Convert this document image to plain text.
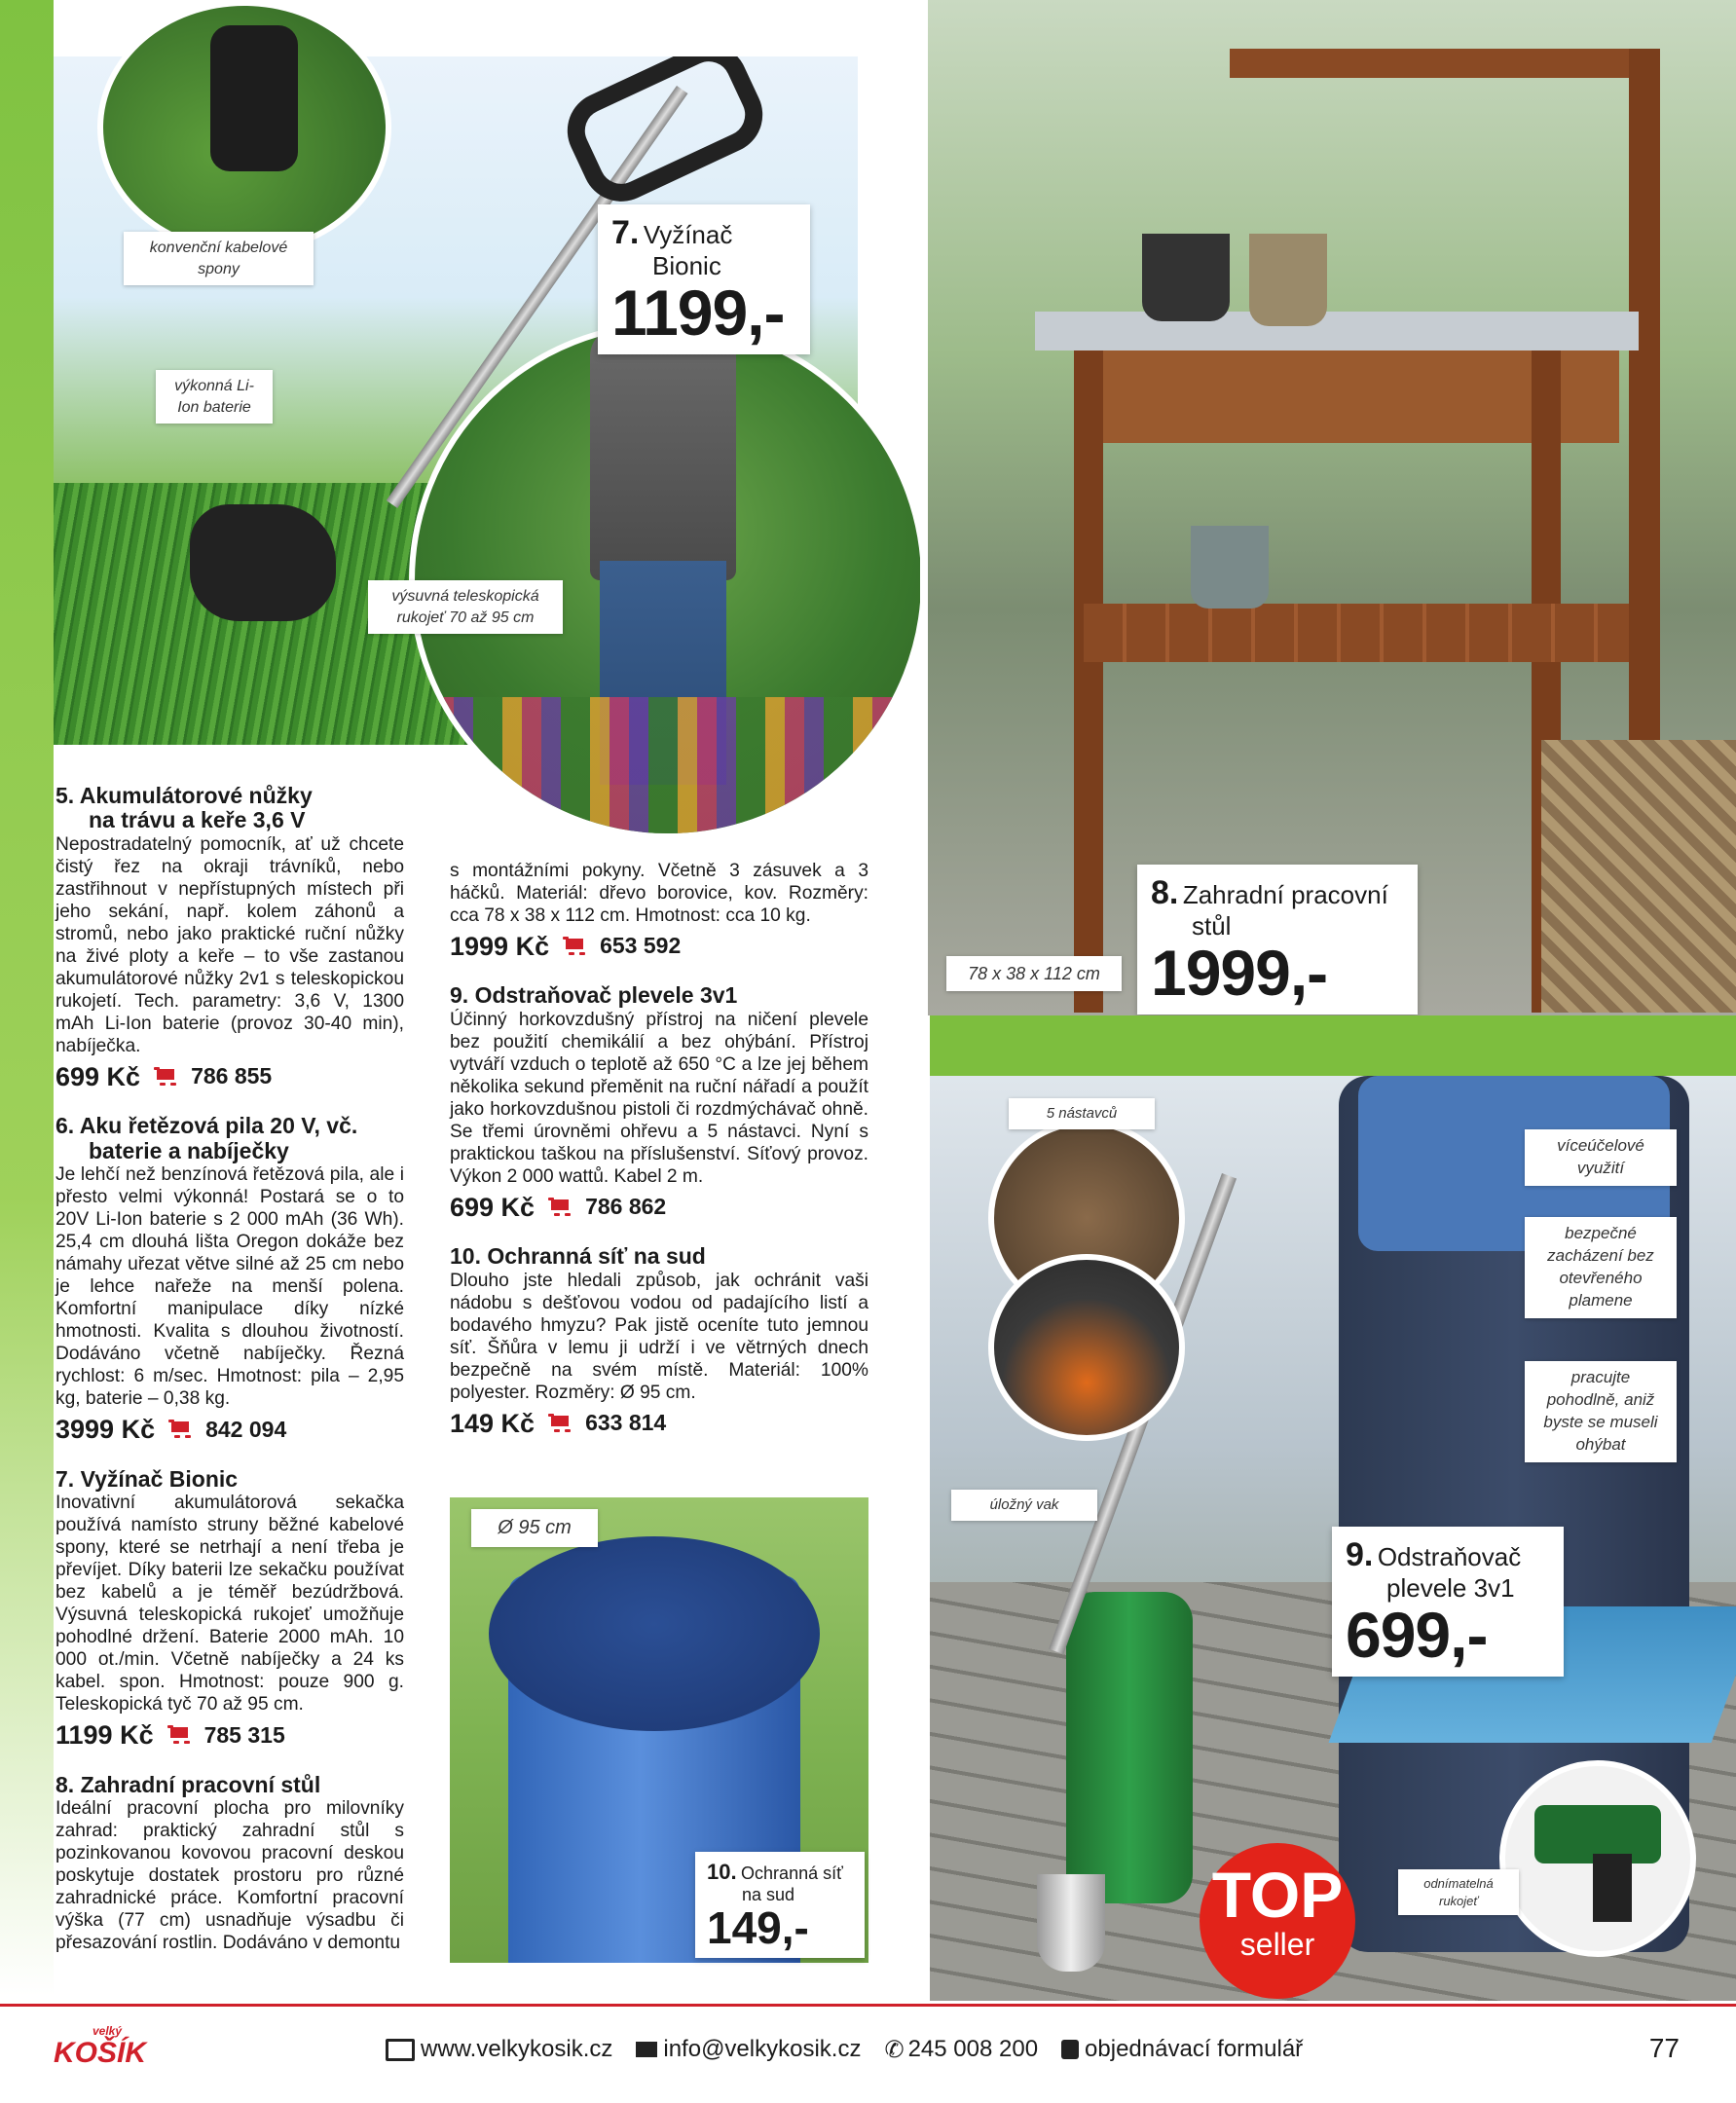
konvenční kabelové spony
výkonná Li-Ion baterie
výsuvná teleskopická rukojeť 70 až 95 cm
7. Vyžínač
Bionic
1199,-
78 x 38 x 112 cm
8. Zahradní pracovní
stůl
1999,-
5 nástavců
víceúčelové využití
bezpečné zacházení bez otevřeného plamene
pracujte pohodlně, aniž byste se museli ohýbat
úložný vak
odnímatelná rukojeť
9. Odstraňovač
plevele 3v1
699,-
TOP
seller
Ø 95 cm
10. Ochranná síť
na sud
149,-
5. Akumulátorové nůžky
na trávu a keře 3,6 V
Nepostradatelný pomocník, ať už chcete čistý řez na okraji trávníků, nebo zastřihnout v nepřístupných místech při jeho sekání, např. kolem záhonů a stromů, nebo jako praktické ruční nůžky na živé ploty a keře – to vše zastanou akumulátorové nůžky 2v1 s teleskopickou rukojetí. Tech. parametry: 3,6 V, 1300 mAh Li-Ion baterie (provoz 30-40 min), nabíječka.
699 Kč 786 855
6. Aku řetězová pila 20 V, vč.
baterie a nabíječky
Je lehčí než benzínová řetězová pila, ale i přesto velmi výkonná! Postará se o to 20V Li-Ion baterie s 2 000 mAh (36 Wh). 25,4 cm dlouhá lišta Oregon dokáže bez námahy uřezat větve silné až 25 cm nebo je lehce nařeže na menší polena. Komfortní manipulace díky nízké hmotnosti. Kvalita s dlouhou životností. Dodáváno včetně nabíječky. Řezná rychlost: 6 m/sec. Hmotnost: pila – 2,95 kg, baterie – 0,38 kg.
3999 Kč 842 094
7. Vyžínač Bionic
Inovativní akumulátorová sekačka používá namísto struny běžné kabelové spony, které se netrhají a není třeba je převíjet. Díky baterii lze sekačku používat bez kabelů a je téměř bezúdržbová. Výsuvná teleskopická rukojeť umožňuje pohodlné držení. Baterie 2000 mAh. 10 000 ot./min. Včetně nabíječky a 24 ks kabel. spon. Hmotnost: pouze 900 g. Teleskopická tyč 70 až 95 cm.
1199 Kč 785 315
8. Zahradní pracovní stůl
Ideální pracovní plocha pro milovníky zahrad: praktický zahradní stůl s pozinkovanou kovovou pracovní deskou poskytuje dostatek prostoru pro různé zahradnické práce. Komfortní pracovní výška (77 cm) usnadňuje výsadbu či přesazování rostlin. Dodáváno v demontu
s montážními pokyny. Včetně 3 zásuvek a 3 háčků. Materiál: dřevo borovice, kov. Rozměry: cca 78 x 38 x 112 cm. Hmotnost: cca 10 kg.
1999 Kč 653 592
9. Odstraňovač plevele 3v1
Účinný horkovzdušný přístroj na ničení plevele bez použití chemikálií a bez ohýbání. Přístroj vytváří vzduch o teplotě až 650 °C a lze jej během několika sekund přeměnit na ruční nářadí a použít jako horkovzdušnou pistoli či rozdmýchávač ohně. Se třemi úrovněmi ohřevu a 5 nástavci. Nyní s praktickou taškou na příslušenství. Síťový provoz. Výkon 2 000 wattů. Kabel 2 m.
699 Kč 786 862
10. Ochranná síť na sud
Dlouho jste hledali způsob, jak ochránit vaši nádobu s dešťovou vodou od padajícího listí a bodavého hmyzu? Pak jistě oceníte tuto jemnou síť. Šňůra v lemu ji udrží i ve větrných dnech bezpečně na svém místě. Materiál: 100% polyester. Rozměry: Ø 95 cm.
149 Kč 633 814
velký
KOŠÍK	www.velkykosik.cz info@velkykosik.cz ✆ 245 008 200 objednávací formulář	77
